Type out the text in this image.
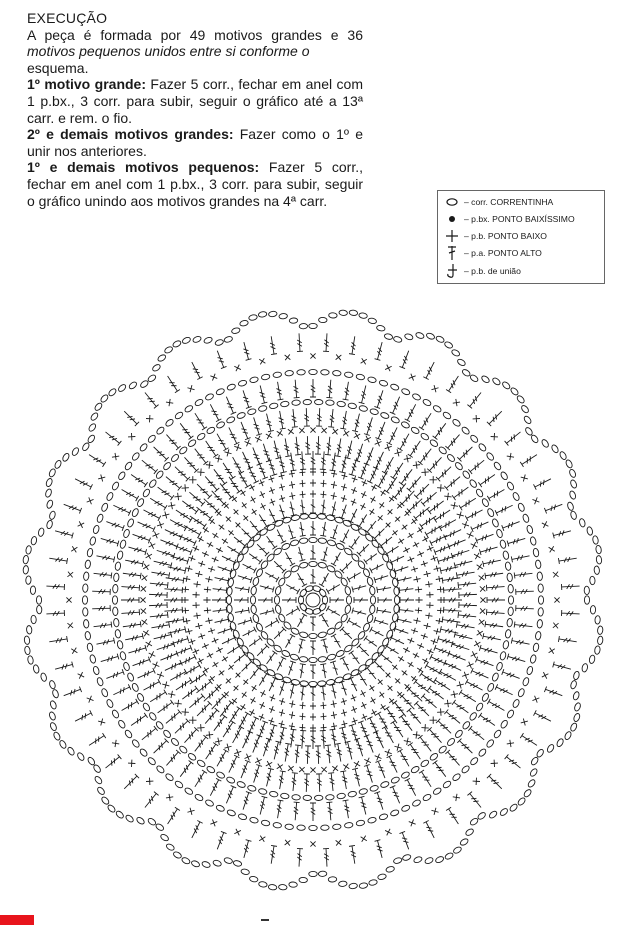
EXECUÇÃO

A peça é formada por 49 motivos grandes e 36 motivos pequenos unidos entre si conforme o
esquema.

1º motivo grande: Fazer 5 corr., fechar em anel com 1 p.bx., 3 corr. para subir, seguir o gráfico até a 13ª carr. e rem. o fio.

2º e demais motivos grandes: Fazer como o 1º e unir nos anteriores.

1º e demais motivos pequenos: Fazer 5 corr., fechar em anel com 1 p.bx., 3 corr. para subir, seguir o gráfico unindo aos motivos grandes na 4ª carr.	– corr. CORRENTINHA
– p.bx. PONTO BAIXÍSSIMO
– p.b. PONTO BAIXO
– p.a. PONTO ALTO
– p.b. de união
